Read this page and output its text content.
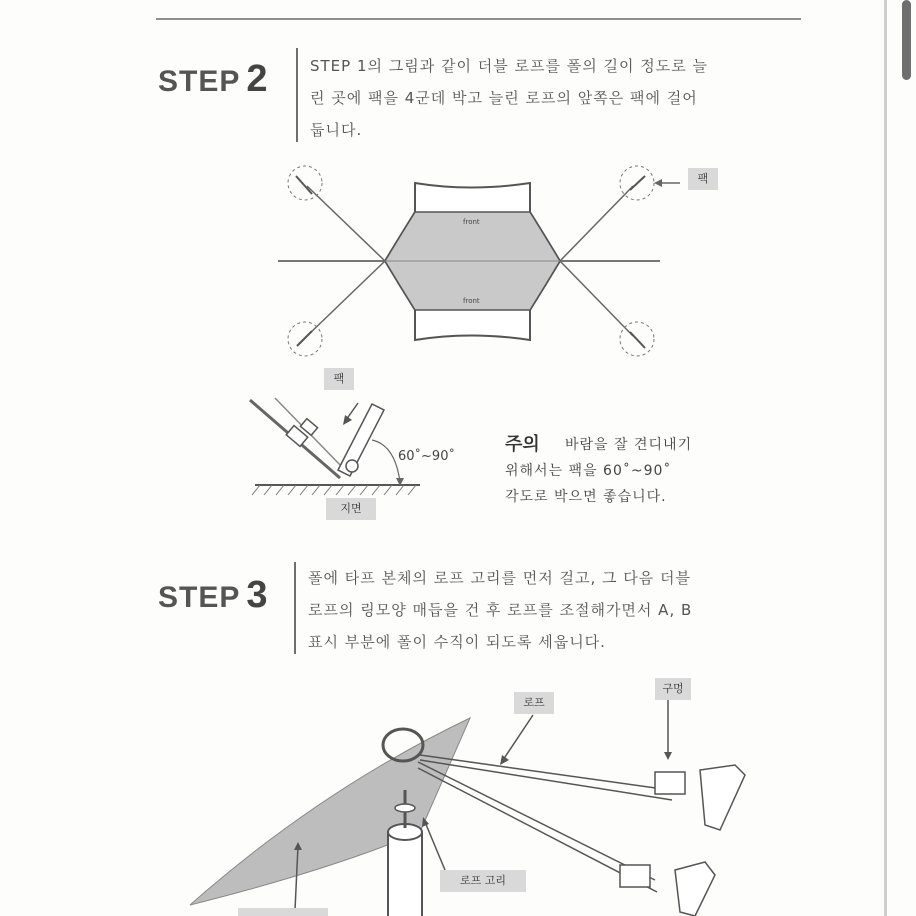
STEP 2	STEP 1의 그림과 같이 더블 로프를 폴의 길이 정도로 늘
린 곳에 팩을 4군데 박고 늘린 로프의 앞쪽은 팩에 걸어
둡니다.
front
front
60˚~90˚
팩
팩
지면
주의 바람을 잘 견디내기
위해서는 팩을 60˚~90˚
각도로 박으면 좋습니다.
STEP 3	폴에 타프 본체의 로프 고리를 먼저 걸고, 그 다음 더블
로프의 링모양 매듭을 건 후 로프를 조절해가면서 A, B
표시 부분에 폴이 수직이 되도록 세웁니다.
로프
구멍
로프 고리
